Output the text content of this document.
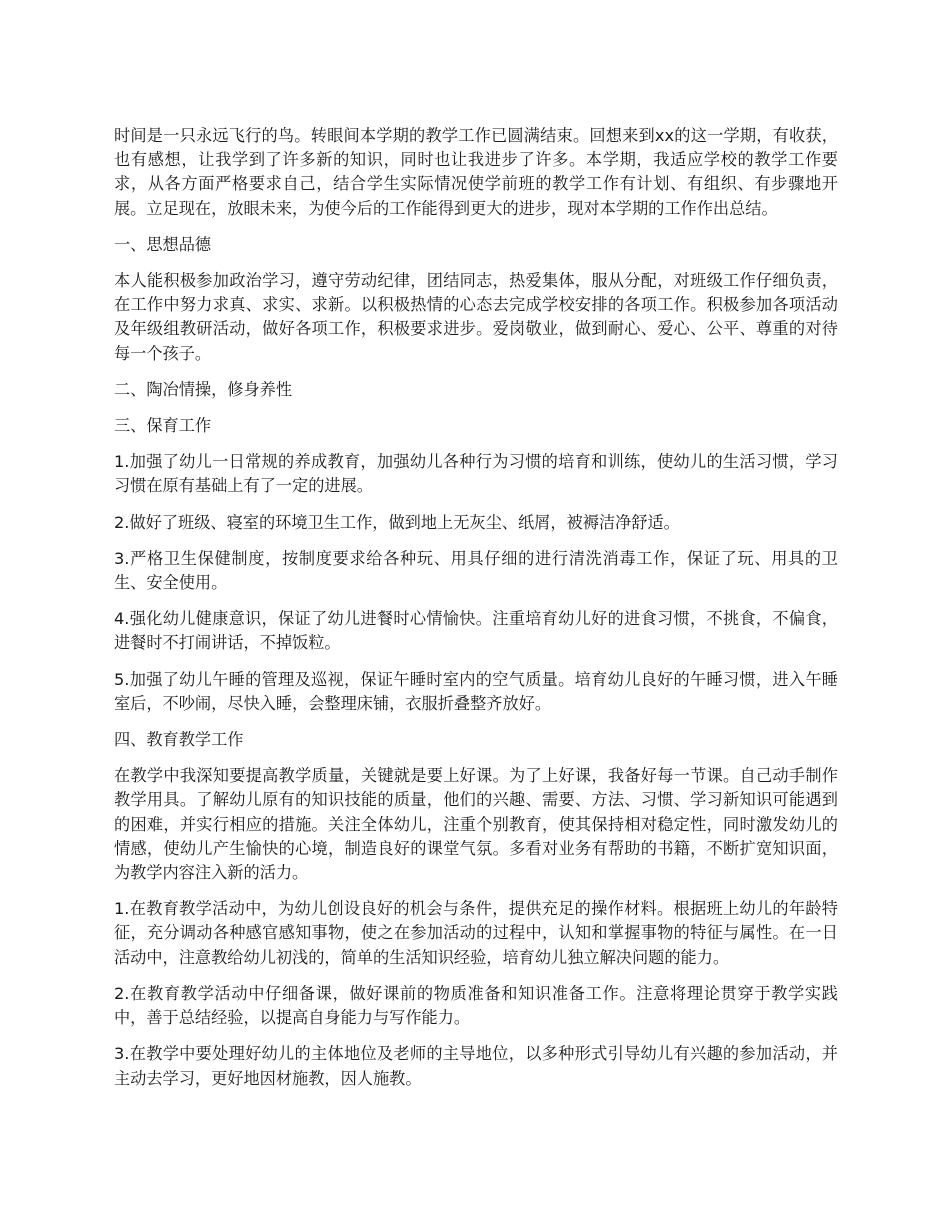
时间是一只永远飞行的鸟。转眼间本学期的教学工作已圆满结束。回想来到xx的这一学期，有收获，也有感想，让我学到了许多新的知识，同时也让我进步了许多。本学期，我适应学校的教学工作要求，从各方面严格要求自己，结合学生实际情况使学前班的教学工作有计划、有组织、有步骤地开展。立足现在，放眼未来，为使今后的工作能得到更大的进步，现对本学期的工作作出总结。

一、思想品德

本人能积极参加政治学习，遵守劳动纪律，团结同志，热爱集体，服从分配，对班级工作仔细负责，在工作中努力求真、求实、求新。以积极热情的心态去完成学校安排的各项工作。积极参加各项活动及年级组教研活动，做好各项工作，积极要求进步。爱岗敬业，做到耐心、爱心、公平、尊重的对待每一个孩子。

二、陶冶情操，修身养性

三、保育工作

1.加强了幼儿一日常规的养成教育，加强幼儿各种行为习惯的培育和训练，使幼儿的生活习惯，学习习惯在原有基础上有了一定的进展。

2.做好了班级、寝室的环境卫生工作，做到地上无灰尘、纸屑，被褥洁净舒适。

3.严格卫生保健制度，按制度要求给各种玩、用具仔细的进行清洗消毒工作，保证了玩、用具的卫生、安全使用。

4.强化幼儿健康意识，保证了幼儿进餐时心情愉快。注重培育幼儿好的进食习惯，不挑食，不偏食，进餐时不打闹讲话，不掉饭粒。

5.加强了幼儿午睡的管理及巡视，保证午睡时室内的空气质量。培育幼儿良好的午睡习惯，进入午睡室后，不吵闹，尽快入睡，会整理床铺，衣服折叠整齐放好。

四、教育教学工作

在教学中我深知要提高教学质量，关键就是要上好课。为了上好课，我备好每一节课。自己动手制作教学用具。了解幼儿原有的知识技能的质量，他们的兴趣、需要、方法、习惯、学习新知识可能遇到的困难，并实行相应的措施。关注全体幼儿，注重个别教育，使其保持相对稳定性，同时激发幼儿的情感，使幼儿产生愉快的心境，制造良好的课堂气氛。多看对业务有帮助的书籍，不断扩宽知识面，为教学内容注入新的活力。

1.在教育教学活动中，为幼儿创设良好的机会与条件，提供充足的操作材料。根据班上幼儿的年龄特征，充分调动各种感官感知事物，使之在参加活动的过程中，认知和掌握事物的特征与属性。在一日活动中，注意教给幼儿初浅的，简单的生活知识经验，培育幼儿独立解决问题的能力。

2.在教育教学活动中仔细备课，做好课前的物质准备和知识准备工作。注意将理论贯穿于教学实践中，善于总结经验，以提高自身能力与写作能力。

3.在教学中要处理好幼儿的主体地位及老师的主导地位，以多种形式引导幼儿有兴趣的参加活动，并主动去学习，更好地因材施教，因人施教。
